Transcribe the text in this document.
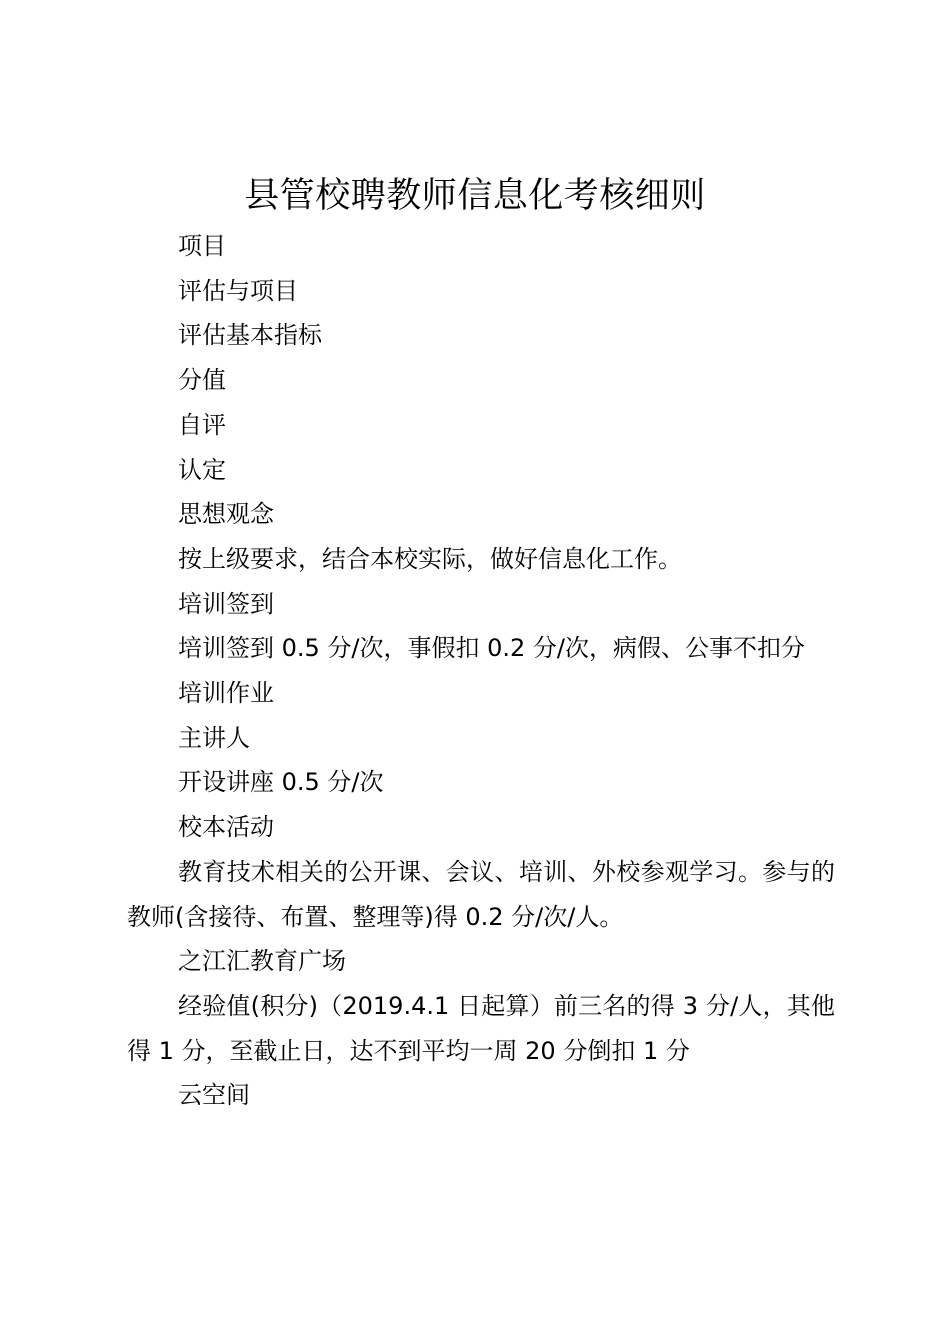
县管校聘教师信息化考核细则

项目

评估与项目

评估基本指标

分值

自评

认定

思想观念

按上级要求，结合本校实际，做好信息化工作。

培训签到

培训签到 0.5 分/次，事假扣 0.2 分/次，病假、公事不扣分

培训作业

主讲人

开设讲座 0.5 分/次

校本活动

教育技术相关的公开课、会议、培训、外校参观学习。参与的教师(含接待、布置、整理等)得 0.2 分/次/人。

之江汇教育广场

经验值(积分)（2019.4.1 日起算）前三名的得 3 分/人，其他得 1 分，至截止日，达不到平均一周 20 分倒扣 1 分

云空间
